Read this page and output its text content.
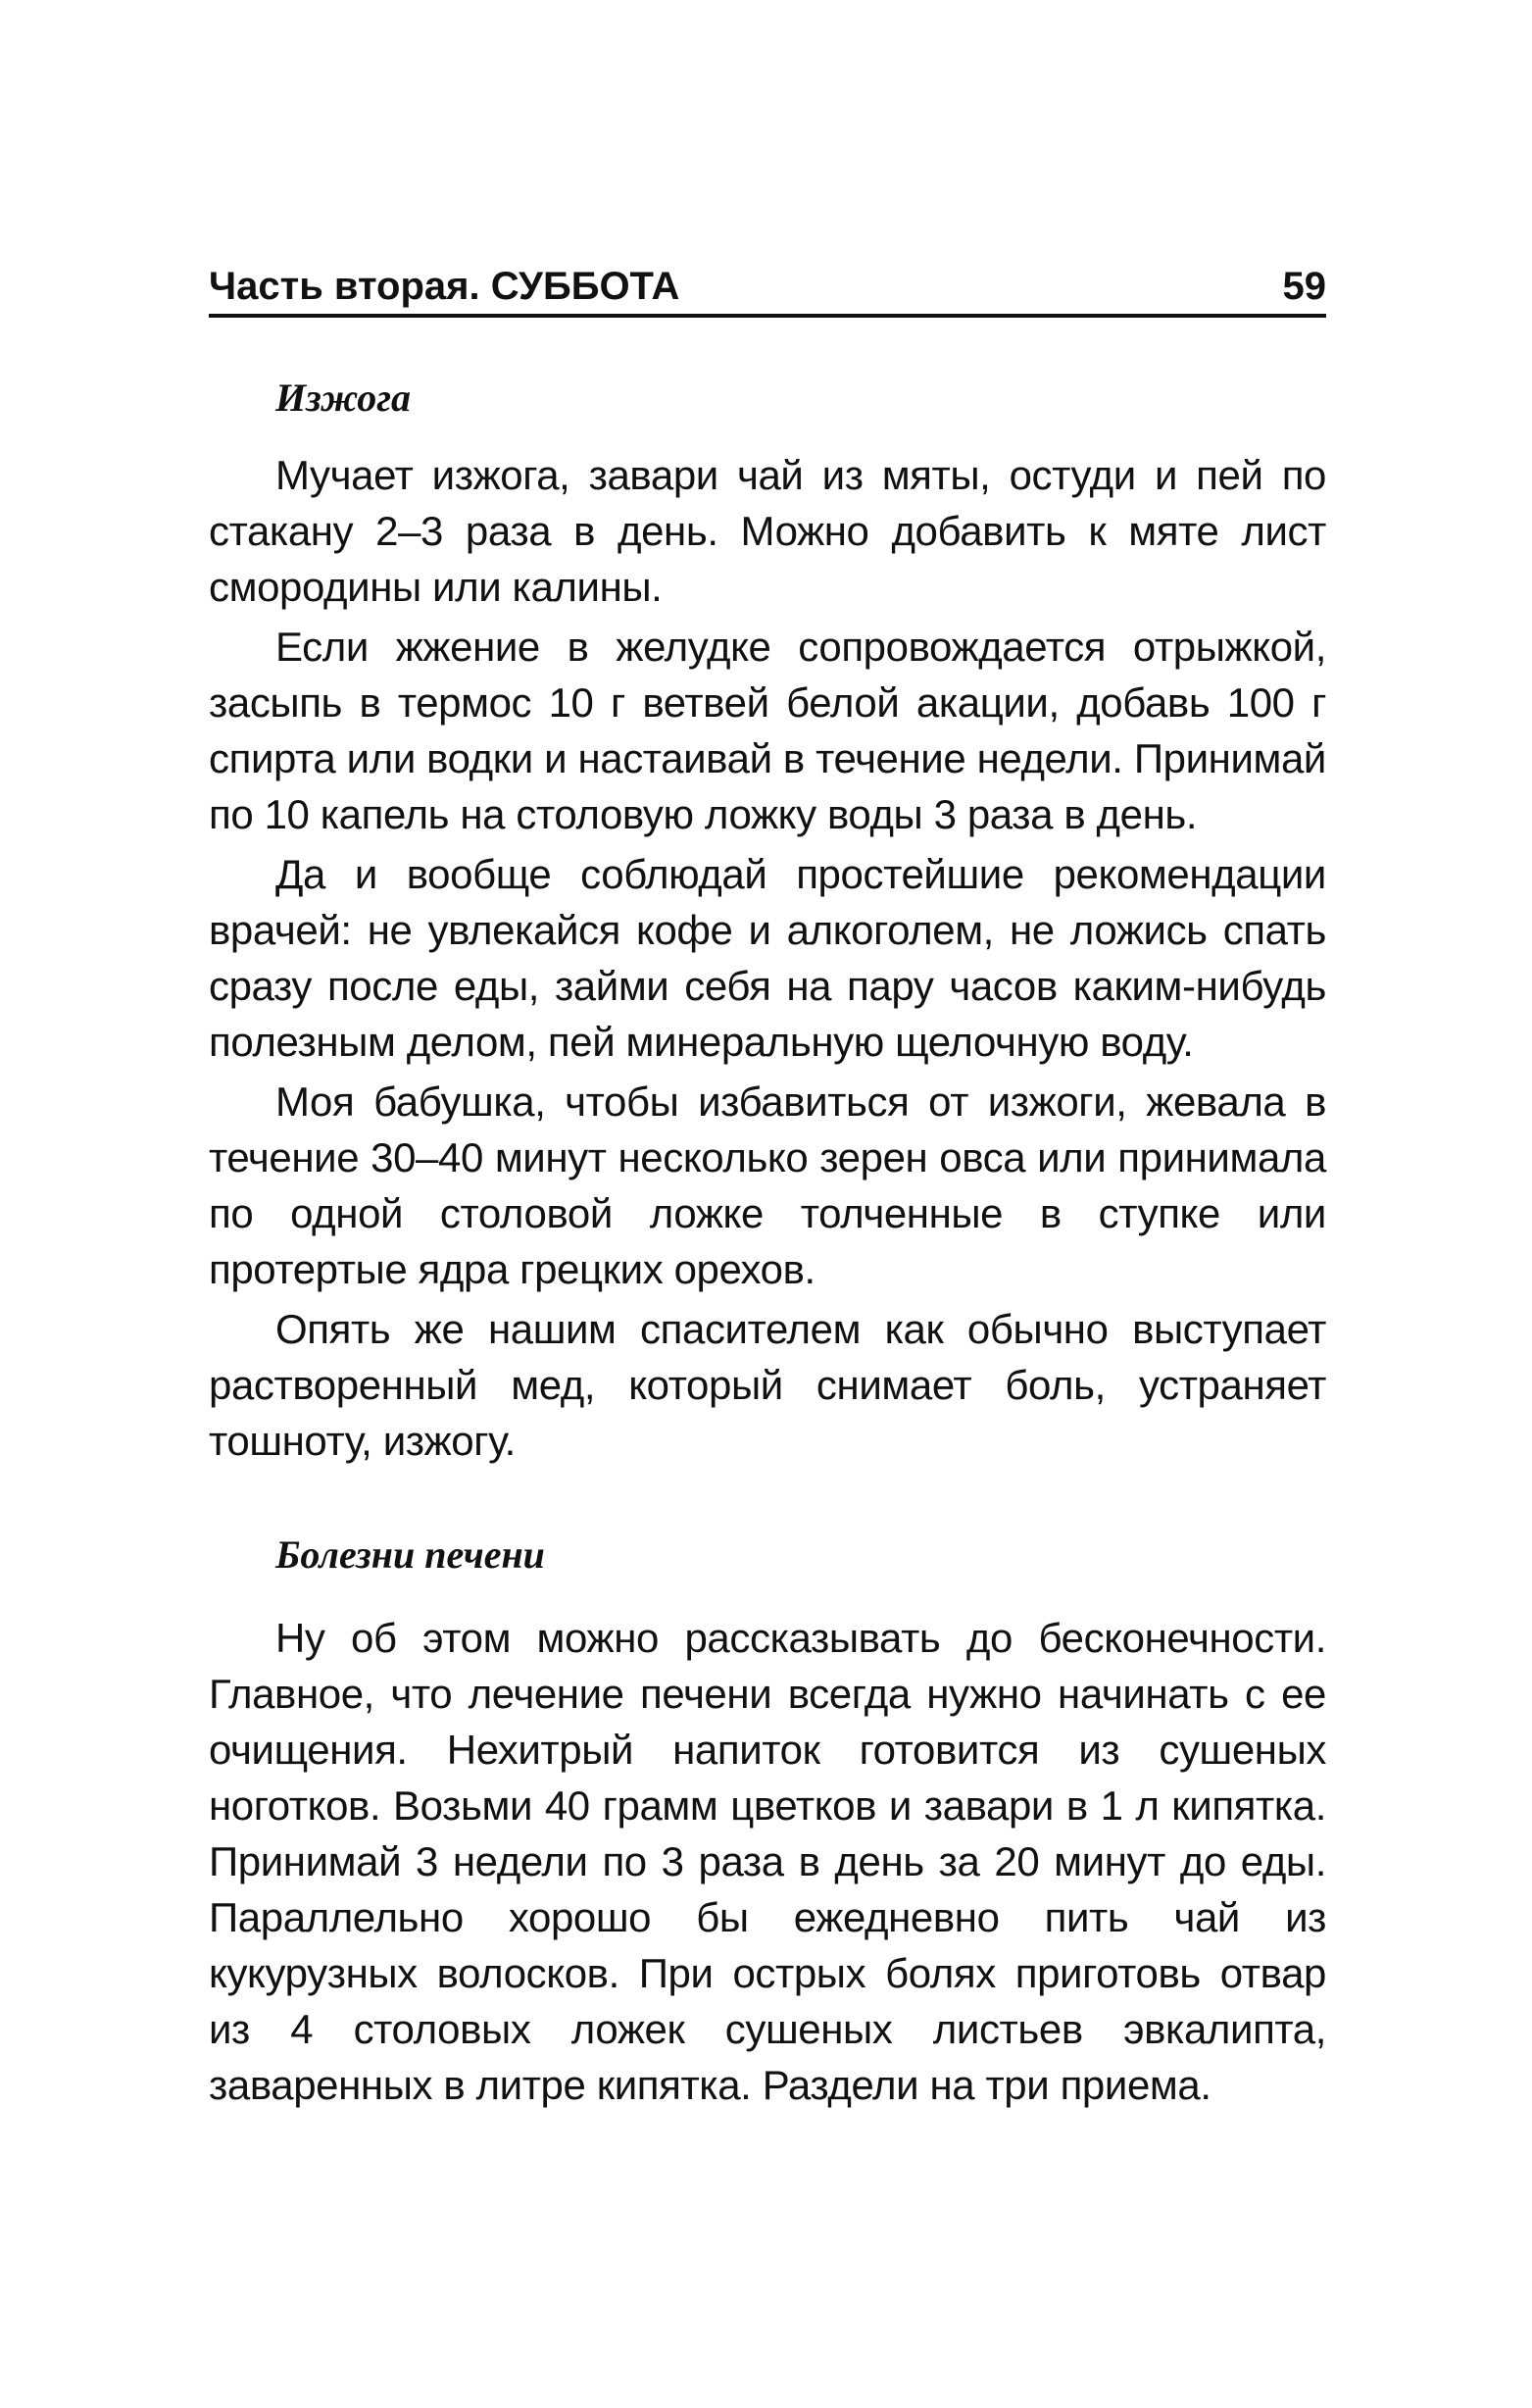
Часть вторая. СУББОТА	59
Изжога

Мучает изжога, завари чай из мяты, остуди и пей по стакану 2–3 раза в день. Можно добавить к мяте лист смородины или калины.

Если жжение в желудке сопровождается отрыжкой, засыпь в термос 10 г ветвей белой акации, добавь 100 г спирта или водки и настаивай в течение недели. Принимай по 10 капель на столовую ложку воды 3 раза в день.

Да и вообще соблюдай простейшие рекомендации врачей: не увлекайся кофе и алкоголем, не ложись спать сразу после еды, займи себя на пару часов каким-нибудь полезным делом, пей минеральную щелочную воду.

Моя бабушка, чтобы избавиться от изжоги, жевала в течение 30–40 минут несколько зерен овса или принимала по одной столовой ложке толченные в ступке или протертые ядра грецких орехов.

Опять же нашим спасителем как обычно выступает растворенный мед, который снимает боль, устраняет тошноту, изжогу.

Болезни печени

Ну об этом можно рассказывать до бесконечности. Главное, что лечение печени всегда нужно начинать с ее очищения. Нехитрый напиток готовится из сушеных ноготков. Возьми 40 грамм цветков и завари в 1 л кипятка. Принимай 3 недели по 3 раза в день за 20 минут до еды. Параллельно хорошо бы ежедневно пить чай из кукурузных волосков. При острых болях приготовь отвар из 4 столовых ложек сушеных листьев эвкалипта, заваренных в литре кипятка. Раздели на три приема.
